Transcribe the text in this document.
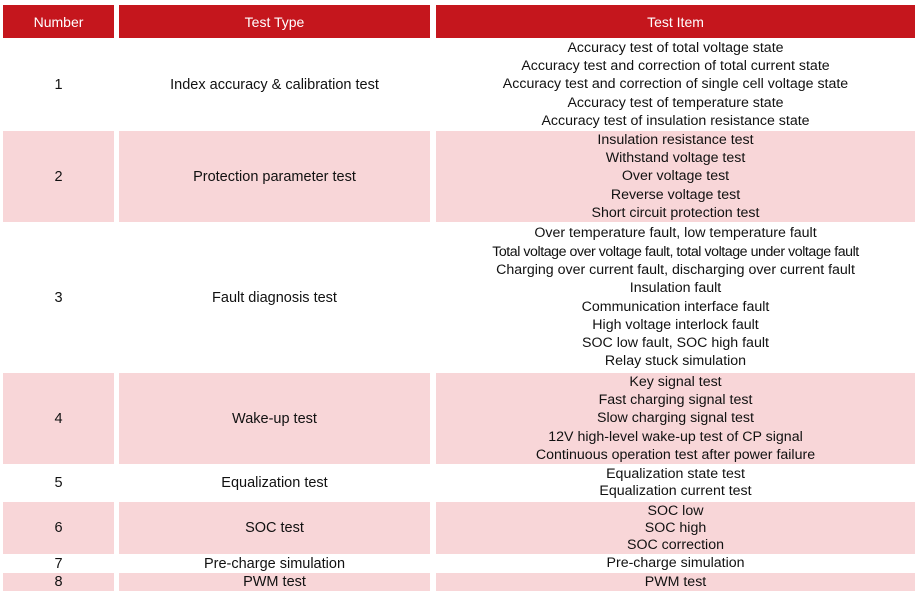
Number	Test Type	Test Item
1	Index accuracy & calibration test
Accuracy test of total voltage state
Accuracy test and correction of total current state
Accuracy test and correction of single cell voltage state
Accuracy test of temperature state
Accuracy test of insulation resistance state
2	Protection parameter test
Insulation resistance test
Withstand voltage test
Over voltage test
Reverse voltage test
Short circuit protection test
3	Fault diagnosis test
Over temperature fault, low temperature fault
Total voltage over voltage fault, total voltage under voltage fault
Charging over current fault, discharging over current fault
Insulation fault
Communication interface fault
High voltage interlock fault
SOC low fault, SOC high fault
Relay stuck simulation
4	Wake-up test
Key signal test
Fast charging signal test
Slow charging signal test
12V high-level wake-up test of CP signal
Continuous operation test after power failure
5	Equalization test
Equalization state test
Equalization current test
6	SOC test
SOC low
SOC high
SOC correction
7	Pre-charge simulation	Pre-charge simulation
8	PWM test	PWM test
